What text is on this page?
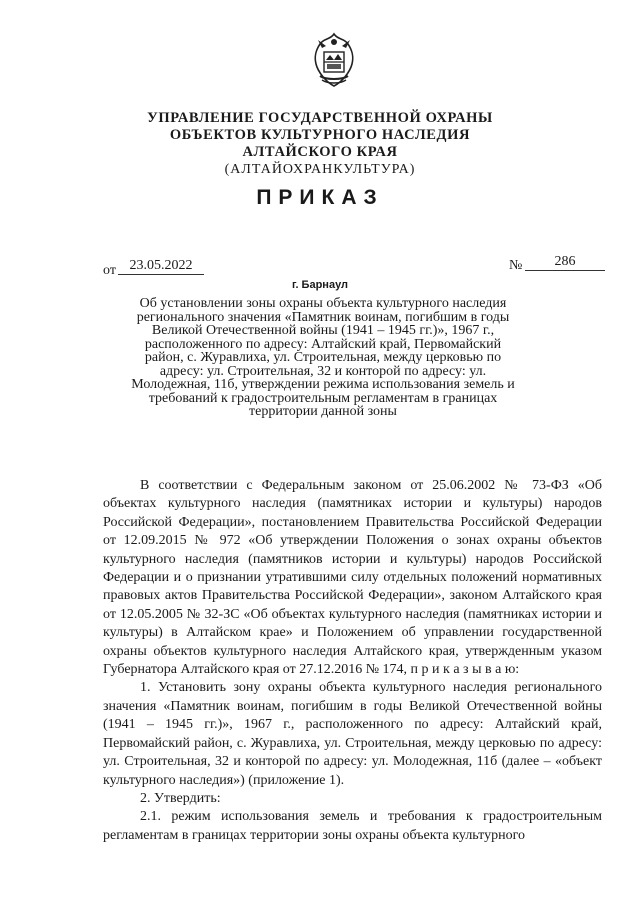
УПРАВЛЕНИЕ ГОСУДАРСТВЕННОЙ ОХРАНЫ
ОБЪЕКТОВ КУЛЬТУРНОГО НАСЛЕДИЯ
АЛТАЙСКОГО КРАЯ
(АЛТАЙОХРАНКУЛЬТУРА)
ПРИКАЗ
от 23.05.2022	№	286
г. Барнаул
Об установлении зоны охраны объекта культурного наследия регионального значения «Памятник воинам, погибшим в годы Великой Отечественной войны (1941 – 1945 гг.)», 1967 г., расположенного по адресу: Алтайский край, Первомайский район, с. Журавлиха, ул. Строительная, между церковью по адресу: ул. Строительная, 32 и конторой по адресу: ул. Молодежная, 11б, утверждении режима использования земель и требований к градостроительным регламентам в границах территории данной зоны

В соответствии с Федеральным законом от 25.06.2002 № 73-ФЗ «Об объектах культурного наследия (памятниках истории и культуры) народов Российской Федерации», постановлением Правительства Российской Федерации от 12.09.2015 № 972 «Об утверждении Положения о зонах охраны объектов культурного наследия (памятников истории и культуры) народов Российской Федерации и о признании утратившими силу отдельных положений нормативных правовых актов Правительства Российской Федерации», законом Алтайского края от 12.05.2005 № 32-ЗС «Об объектах культурного наследия (памятниках истории и культуры) в Алтайском крае» и Положением об управлении государственной охраны объектов культурного наследия Алтайского края, утвержденным указом Губернатора Алтайского края от 27.12.2016 № 174, п р и к а з ы в а ю:

1. Установить зону охраны объекта культурного наследия регионального значения «Памятник воинам, погибшим в годы Великой Отечественной войны (1941 – 1945 гг.)», 1967 г., расположенного по адресу: Алтайский край, Первомайский район, с. Журавлиха, ул. Строительная, между церковью по адресу: ул. Строительная, 32 и конторой по адресу: ул. Молодежная, 11б (далее – «объект культурного наследия») (приложение 1).

2. Утвердить:

2.1. режим использования земель и требования к градостроительным регламентам в границах территории зоны охраны объекта культурного
